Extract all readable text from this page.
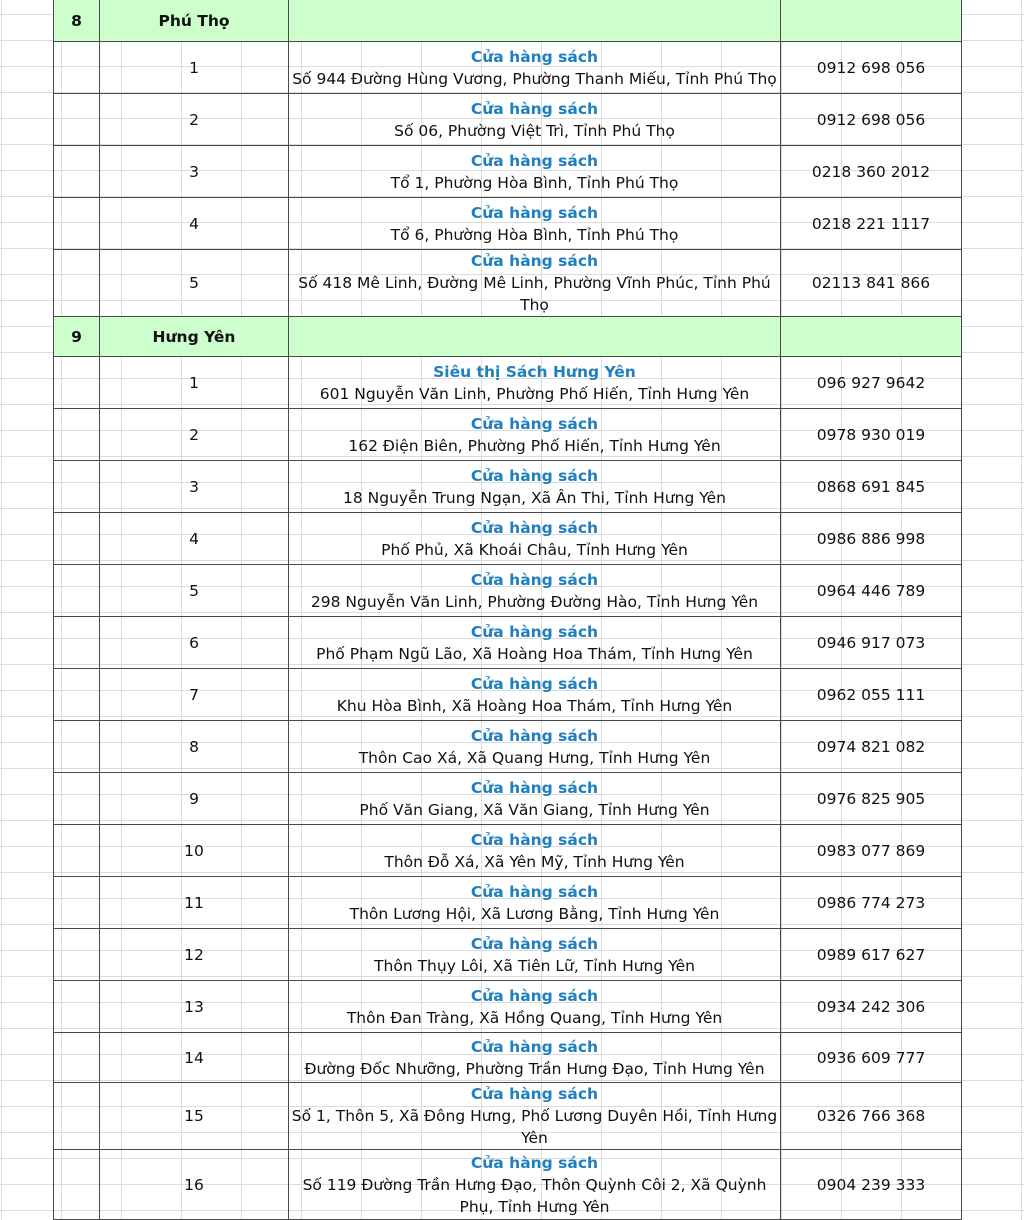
8	Phú Thọ		
	1	Cửa hàng sách
Số 944 Đường Hùng Vương, Phường Thanh Miếu, Tỉnh Phú Thọ	0912 698 056
	2	Cửa hàng sách
Số 06, Phường Việt Trì, Tỉnh Phú Thọ	0912 698 056
	3	Cửa hàng sách
Tổ 1, Phường Hòa Bình, Tỉnh Phú Thọ	0218 360 2012
	4	Cửa hàng sách
Tổ 6, Phường Hòa Bình, Tỉnh Phú Thọ	0218 221 1117
	5	Cửa hàng sách
Số 418 Mê Linh, Đường Mê Linh, Phường Vĩnh Phúc, Tỉnh Phú Thọ	02113 841 866
9	Hưng Yên		
	1	Siêu thị Sách Hưng Yên
601 Nguyễn Văn Linh, Phường Phố Hiến, Tỉnh Hưng Yên	096 927 9642
	2	Cửa hàng sách
162 Điện Biên, Phường Phố Hiến, Tỉnh Hưng Yên	0978 930 019
	3	Cửa hàng sách
18 Nguyễn Trung Ngạn, Xã Ân Thi, Tỉnh Hưng Yên	0868 691 845
	4	Cửa hàng sách
Phố Phủ, Xã Khoái Châu, Tỉnh Hưng Yên	0986 886 998
	5	Cửa hàng sách
298 Nguyễn Văn Linh, Phường Đường Hào, Tỉnh Hưng Yên	0964 446 789
	6	Cửa hàng sách
Phố Phạm Ngũ Lão, Xã Hoàng Hoa Thám, Tỉnh Hưng Yên	0946 917 073
	7	Cửa hàng sách
Khu Hòa Bình, Xã Hoàng Hoa Thám, Tỉnh Hưng Yên	0962 055 111
	8	Cửa hàng sách
Thôn Cao Xá, Xã Quang Hưng, Tỉnh Hưng Yên	0974 821 082
	9	Cửa hàng sách
Phố Văn Giang, Xã Văn Giang, Tỉnh Hưng Yên	0976 825 905
	10	Cửa hàng sách
Thôn Đỗ Xá, Xã Yên Mỹ, Tỉnh Hưng Yên	0983 077 869
	11	Cửa hàng sách
Thôn Lương Hội, Xã Lương Bằng, Tỉnh Hưng Yên	0986 774 273
	12	Cửa hàng sách
Thôn Thụy Lôi, Xã Tiên Lữ, Tỉnh Hưng Yên	0989 617 627
	13	Cửa hàng sách
Thôn Đan Tràng, Xã Hồng Quang, Tỉnh Hưng Yên	0934 242 306
	14	Cửa hàng sách
Đường Đốc Nhưỡng, Phường Trần Hưng Đạo, Tỉnh Hưng Yên	0936 609 777
	15	Cửa hàng sách
Số 1, Thôn 5, Xã Đông Hưng, Phố Lương Duyên Hồi, Tỉnh Hưng Yên	0326 766 368
	16	Cửa hàng sách
Số 119 Đường Trần Hưng Đạo, Thôn Quỳnh Côi 2, Xã Quỳnh Phụ, Tỉnh Hưng Yên	0904 239 333
